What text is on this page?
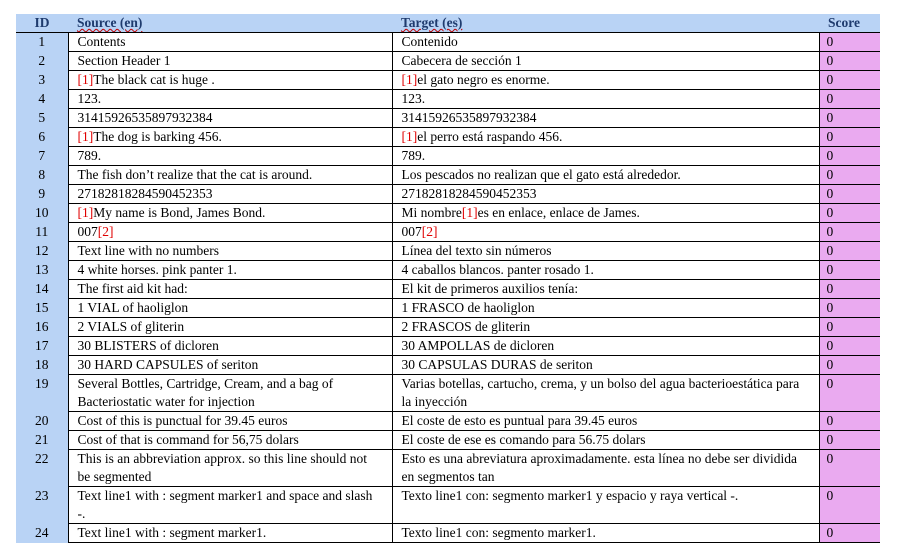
ID	Source (en)	Target (es)	Score
1	Contents	Contenido	0
2	Section Header 1	Cabecera de sección 1	0
3	[1]The black cat is huge .	[1]el gato negro es enorme.	0
4	123.	123.	0
5	31415926535897932384	31415926535897932384	0
6	[1]The dog is barking 456.	[1]el perro está raspando 456.	0
7	789.	789.	0
8	The fish don’t realize that the cat is around.	Los pescados no realizan que el gato está alrededor.	0
9	27182818284590452353	27182818284590452353	0
10	[1]My name is Bond, James Bond.	Mi nombre[1]es en enlace, enlace de James.	0
11	007[2]	007[2]	0
12	Text line with no numbers	Línea del texto sin números	0
13	4 white horses. pink panter 1.	4 caballos blancos. panter rosado 1.	0
14	The first aid kit had:	El kit de primeros auxilios tenía:	0
15	1 VIAL of haoliglon	1 FRASCO de haoliglon	0
16	2 VIALS of gliterin	2 FRASCOS de gliterin	0
17	30 BLISTERS of dicloren	30 AMPOLLAS de dicloren	0
18	30 HARD CAPSULES of seriton	30 CAPSULAS DURAS de seriton	0
19	Several Bottles, Cartridge, Cream, and a bag of Bacteriostatic water for injection	Varias botellas, cartucho, crema, y un bolso del agua bacterioestática para la inyección	0
20	Cost of this is punctual for 39.45 euros	El coste de esto es puntual para 39.45 euros	0
21	Cost of that is command for 56,75 dolars	El coste de ese es comando para 56.75 dolars	0
22	This is an abbreviation approx. so this line should not be segmented	Esto es una abreviatura aproximadamente. esta línea no debe ser dividida en segmentos tan	0
23	Text line1 with : segment marker1 and space and slash -.	Texto line1 con: segmento marker1 y espacio y raya vertical -.	0
24	Text line1 with : segment marker1.	Texto line1 con: segmento marker1.	0
